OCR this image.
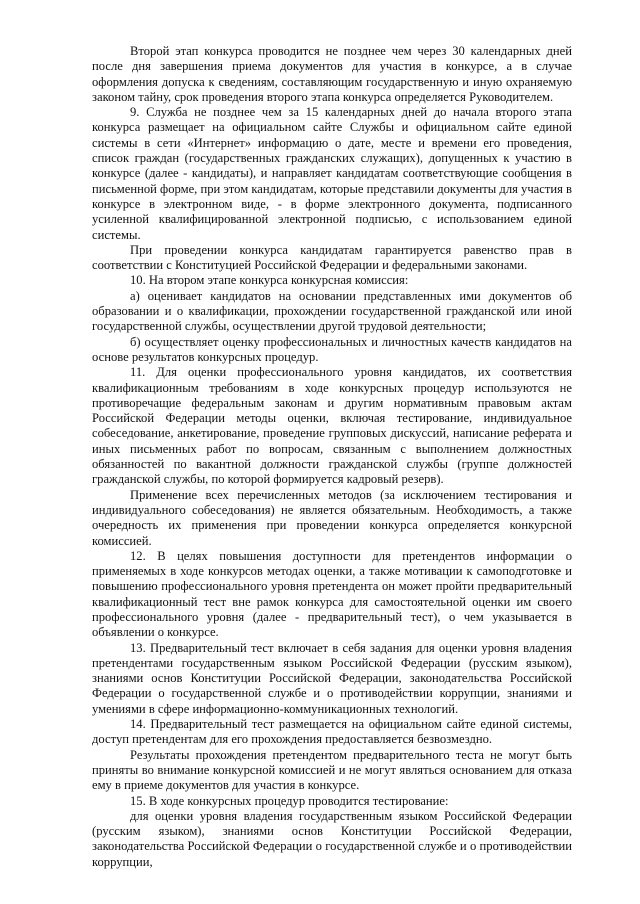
Второй этап конкурса проводится не позднее чем через 30 календарных дней после дня завершения приема документов для участия в конкурсе, а в случае оформления допуска к сведениям, составляющим государственную и иную охраняемую законом тайну, срок проведения второго этапа конкурса определяется Руководителем.

9. Служба не позднее чем за 15 календарных дней до начала второго этапа конкурса размещает на официальном сайте Службы и официальном сайте единой системы в сети «Интернет» информацию о дате, месте и времени его проведения, список граждан (государственных гражданских служащих), допущенных к участию в конкурсе (далее - кандидаты), и направляет кандидатам соответствующие сообщения в письменной форме, при этом кандидатам, которые представили документы для участия в конкурсе в электронном виде, - в форме электронного документа, подписанного усиленной квалифицированной электронной подписью, с использованием единой системы.

При проведении конкурса кандидатам гарантируется равенство прав в соответствии с Конституцией Российской Федерации и федеральными законами.

10. На втором этапе конкурса конкурсная комиссия:

а) оценивает кандидатов на основании представленных ими документов об образовании и о квалификации, прохождении государственной гражданской или иной государственной службы, осуществлении другой трудовой деятельности;

б) осуществляет оценку профессиональных и личностных качеств кандидатов на основе результатов конкурсных процедур.

11. Для оценки профессионального уровня кандидатов, их соответствия квалификационным требованиям в ходе конкурсных процедур используются не противоречащие федеральным законам и другим нормативным правовым актам Российской Федерации методы оценки, включая тестирование, индивидуальное собеседование, анкетирование, проведение групповых дискуссий, написание реферата и иных письменных работ по вопросам, связанным с выполнением должностных обязанностей по вакантной должности гражданской службы (группе должностей гражданской службы, по которой формируется кадровый резерв).

Применение всех перечисленных методов (за исключением тестирования и индивидуального собеседования) не является обязательным. Необходимость, а также очередность их применения при проведении конкурса определяется конкурсной комиссией.

12. В целях повышения доступности для претендентов информации о применяемых в ходе конкурсов методах оценки, а также мотивации к самоподготовке и повышению профессионального уровня претендента он может пройти предварительный квалификационный тест вне рамок конкурса для самостоятельной оценки им своего профессионального уровня (далее - предварительный тест), о чем указывается в объявлении о конкурсе.

13. Предварительный тест включает в себя задания для оценки уровня владения претендентами государственным языком Российской Федерации (русским языком), знаниями основ Конституции Российской Федерации, законодательства Российской Федерации о государственной службе и о противодействии коррупции, знаниями и умениями в сфере информационно-коммуникационных технологий.

14. Предварительный тест размещается на официальном сайте единой системы, доступ претендентам для его прохождения предоставляется безвозмездно.

Результаты прохождения претендентом предварительного теста не могут быть приняты во внимание конкурсной комиссией и не могут являться основанием для отказа ему в приеме документов для участия в конкурсе.

15. В ходе конкурсных процедур проводится тестирование:

для оценки уровня владения государственным языком Российской Федерации (русским языком), знаниями основ Конституции Российской Федерации, законодательства Российской Федерации о государственной службе и о противодействии коррупции,
